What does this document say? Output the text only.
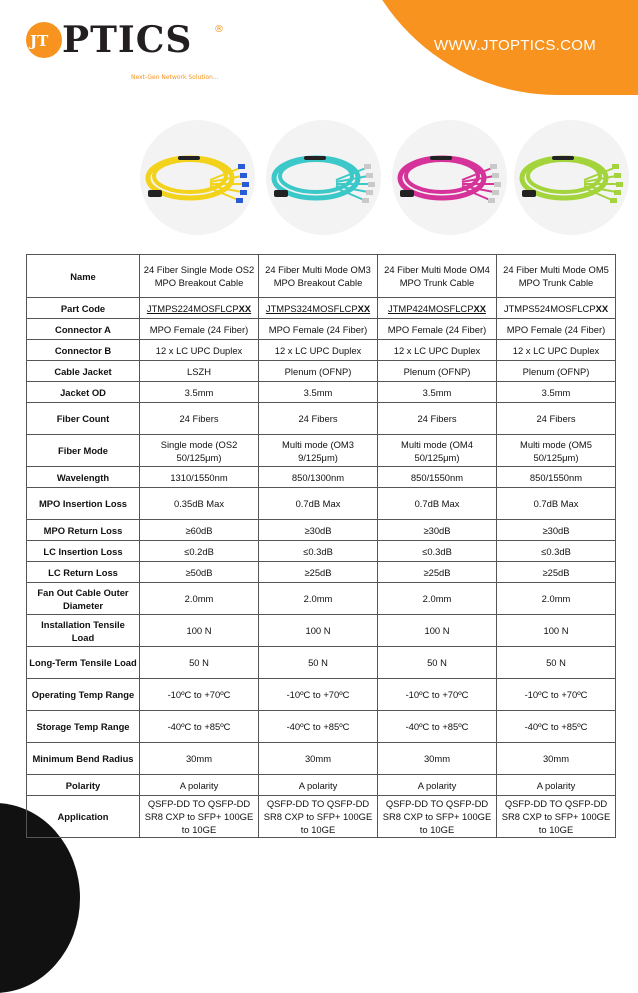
JT PTICS ®
Next-Gen Network Solution...
WWW.JTOPTICS.COM
Name	24 Fiber Single Mode OS2 MPO Breakout Cable	24 Fiber Multi Mode OM3 MPO Breakout Cable	24 Fiber Multi Mode OM4 MPO Trunk Cable	24 Fiber Multi Mode OM5 MPO Trunk Cable
Part Code	JTMPS224MOSFLCPXX	JTMPS324MOSFLCPXX	JTMP424MOSFLCPXX	JTMPS524MOSFLCPXX
Connector A	MPO Female (24 Fiber)	MPO Female (24 Fiber)	MPO Female (24 Fiber)	MPO Female (24 Fiber)
Connector B	12 x LC UPC Duplex	12 x LC UPC Duplex	12 x LC UPC Duplex	12 x LC UPC Duplex
Cable Jacket	LSZH	Plenum (OFNP)	Plenum (OFNP)	Plenum (OFNP)
Jacket OD	3.5mm	3.5mm	3.5mm	3.5mm
Fiber Count	24 Fibers	24 Fibers	24 Fibers	24 Fibers
Fiber Mode	Single mode (OS2 50/125μm)	Multi mode (OM3 9/125μm)	Multi mode (OM4 50/125μm)	Multi mode (OM5 50/125μm)
Wavelength	1310/1550nm	850/1300nm	850/1550nm	850/1550nm
MPO Insertion Loss	0.35dB Max	0.7dB Max	0.7dB Max	0.7dB Max
MPO Return Loss	≥60dB	≥30dB	≥30dB	≥30dB
LC Insertion Loss	≤0.2dB	≤0.3dB	≤0.3dB	≤0.3dB
LC Return Loss	≥50dB	≥25dB	≥25dB	≥25dB
Fan Out Cable Outer Diameter	2.0mm	2.0mm	2.0mm	2.0mm
Installation Tensile Load	100 N	100 N	100 N	100 N
Long-Term Tensile Load	50 N	50 N	50 N	50 N
Operating Temp Range	-10ºC to +70ºC	-10ºC to +70ºC	-10ºC to +70ºC	-10ºC to +70ºC
Storage Temp Range	-40ºC to +85ºC	-40ºC to +85ºC	-40ºC to +85ºC	-40ºC to +85ºC
Minimum Bend Radius	30mm	30mm	30mm	30mm
Polarity	A polarity	A polarity	A polarity	A polarity
Application	QSFP-DD TO QSFP-DD SR8 CXP to SFP+ 100GE to 10GE	QSFP-DD TO QSFP-DD SR8 CXP to SFP+ 100GE to 10GE	QSFP-DD TO QSFP-DD SR8 CXP to SFP+ 100GE to 10GE	QSFP-DD TO QSFP-DD SR8 CXP to SFP+ 100GE to 10GE
